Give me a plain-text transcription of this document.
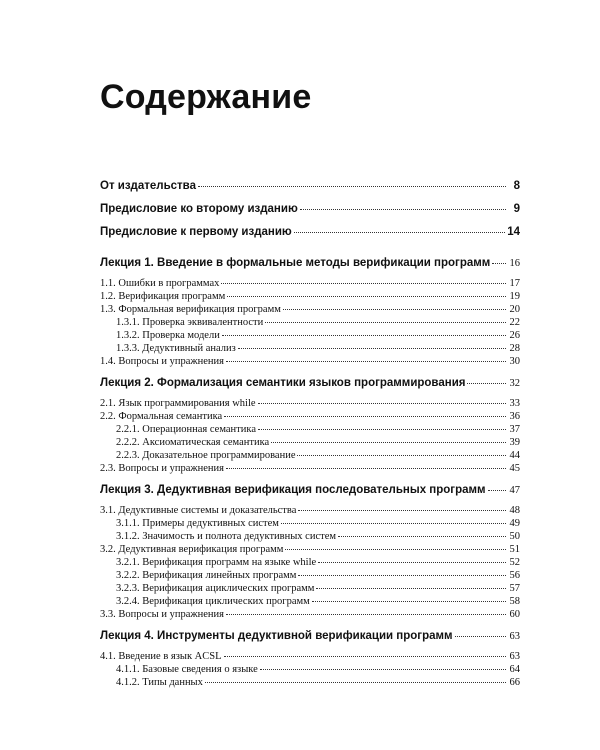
Содержание
От издательства	8
Предисловие ко второму изданию	9
Предисловие к первому изданию	14
Лекция 1. Введение в формальные методы верификации программ 16
1.1. Ошибки в программах	17
1.2. Верификация программ	19
1.3. Формальная верификация программ	20
1.3.1. Проверка эквивалентности	22
1.3.2. Проверка модели	26
1.3.3. Дедуктивный анализ	28
1.4. Вопросы и упражнения	30
Лекция 2. Формализация семантики языков программирования	32
2.1. Язык программирования while	33
2.2. Формальная семантика	36
2.2.1. Операционная семантика	37
2.2.2. Аксиоматическая семантика	39
2.2.3. Доказательное программирование	44
2.3. Вопросы и упражнения	45
Лекция 3. Дедуктивная верификация последовательных программ 47
3.1. Дедуктивные системы и доказательства	48
3.1.1. Примеры дедуктивных систем	49
3.1.2. Значимость и полнота дедуктивных систем	50
3.2. Дедуктивная верификация программ	51
3.2.1. Верификация программ на языке while	52
3.2.2. Верификация линейных программ	56
3.2.3. Верификация ациклических программ	57
3.2.4. Верификация циклических программ	58
3.3. Вопросы и упражнения	60
Лекция 4. Инструменты дедуктивной верификации программ	63
4.1. Введение в язык ACSL	63
4.1.1. Базовые сведения о языке	64
4.1.2. Типы данных	66
